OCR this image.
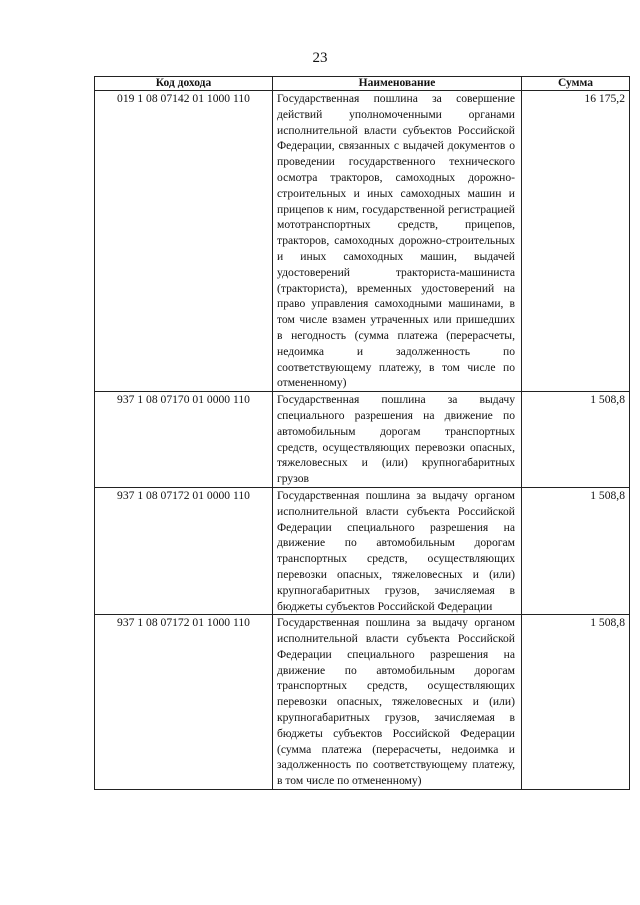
23
Код дохода	Наименование	Сумма
019 1 08 07142 01 1000 110	Государственная пошлина за совершение действий уполномоченными органами исполнительной власти субъектов Российской Федерации, связанных с выдачей документов о проведении государственного технического осмотра тракторов, самоходных дорожно-строительных и иных самоходных машин и прицепов к ним, государственной регистрацией мототранспортных средств, прицепов, тракторов, самоходных дорожно-строительных и иных самоходных машин, выдачей удостоверений тракториста-машиниста (тракториста), временных удостоверений на право управления самоходными машинами, в том числе взамен утраченных или пришедших в негодность (сумма платежа (перерасчеты, недоимка и задолженность по соответствующему платежу, в том числе по отмененному)	16 175,2
937 1 08 07170 01 0000 110	Государственная пошлина за выдачу специального разрешения на движение по автомобильным дорогам транспортных средств, осуществляющих перевозки опасных, тяжеловесных и (или) крупногабаритных грузов	1 508,8
937 1 08 07172 01 0000 110	Государственная пошлина за выдачу органом исполнительной власти субъекта Российской Федерации специального разрешения на движение по автомобильным дорогам транспортных средств, осуществляющих перевозки опасных, тяжеловесных и (или) крупногабаритных грузов, зачисляемая в бюджеты субъектов Российской Федерации	1 508,8
937 1 08 07172 01 1000 110	Государственная пошлина за выдачу органом исполнительной власти субъекта Российской Федерации специального разрешения на движение по автомобильным дорогам транспортных средств, осуществляющих перевозки опасных, тяжеловесных и (или) крупногабаритных грузов, зачисляемая в бюджеты субъектов Российской Федерации (сумма платежа (перерасчеты, недоимка и задолженность по соответствующему платежу, в том числе по отмененному)	1 508,8
